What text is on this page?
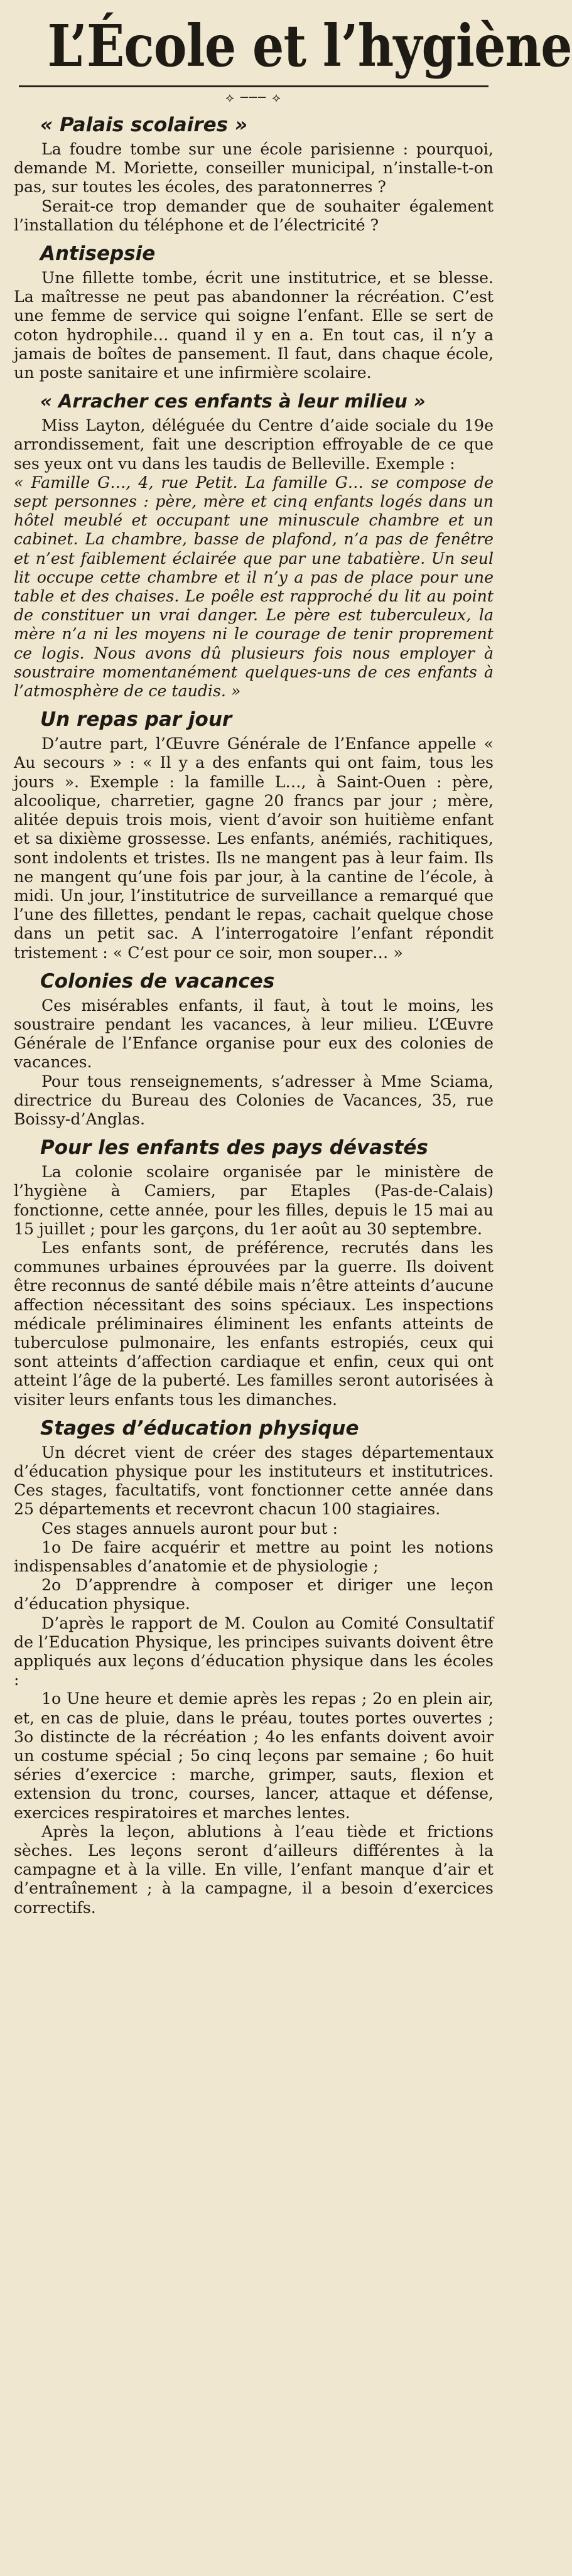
L’École et l’hygiène
⟡ ─── ⟡
« Palais scolaires »

La foudre tombe sur une école parisienne : pourquoi, demande M. Moriette, conseiller municipal, n’installe-t-on pas, sur toutes les écoles, des paratonnerres ?

Serait-ce trop demander que de souhaiter également l’installation du téléphone et de l’électricité ?

Antisepsie

Une fillette tombe, écrit une institutrice, et se blesse. La maîtresse ne peut pas abandonner la récréation. C’est une femme de service qui soigne l’enfant. Elle se sert de coton hydrophile… quand il y en a. En tout cas, il n’y a jamais de boîtes de pansement. Il faut, dans chaque école, un poste sanitaire et une infirmière scolaire.

« Arracher ces enfants à leur milieu »

Miss Layton, déléguée du Centre d’aide sociale du 19e arrondissement, fait une description effroyable de ce que ses yeux ont vu dans les taudis de Belleville. Exemple :

« Famille G…, 4, rue Petit. La famille G… se compose de sept personnes : père, mère et cinq enfants logés dans un hôtel meublé et occupant une minuscule chambre et un cabinet. La chambre, basse de plafond, n’a pas de fenêtre et n’est faiblement éclairée que par une tabatière. Un seul lit occupe cette chambre et il n’y a pas de place pour une table et des chaises. Le poêle est rapproché du lit au point de constituer un vrai danger. Le père est tuberculeux, la mère n’a ni les moyens ni le courage de tenir proprement ce logis. Nous avons dû plusieurs fois nous employer à soustraire momentanément quelques-uns de ces enfants à l’atmosphère de ce taudis. »

Un repas par jour

D’autre part, l’Œuvre Générale de l’Enfance appelle « Au secours » : « Il y a des enfants qui ont faim, tous les jours ». Exemple : la famille L…, à Saint-Ouen : père, alcoolique, charretier, gagne 20 francs par jour ; mère, alitée depuis trois mois, vient d’avoir son huitième enfant et sa dixième grossesse. Les enfants, anémiés, rachitiques, sont indolents et tristes. Ils ne mangent pas à leur faim. Ils ne mangent qu’une fois par jour, à la cantine de l’école, à midi. Un jour, l’institutrice de surveillance a remarqué que l’une des fillettes, pendant le repas, cachait quelque chose dans un petit sac. A l’interrogatoire l’enfant répondit tristement : « C’est pour ce soir, mon souper… »

Colonies de vacances

Ces misérables enfants, il faut, à tout le moins, les soustraire pendant les vacances, à leur milieu. L’Œuvre Générale de l’Enfance organise pour eux des colonies de vacances.

Pour tous renseignements, s’adresser à Mme Sciama, directrice du Bureau des Colonies de Vacances, 35, rue Boissy-d’Anglas.

Pour les enfants des pays dévastés

La colonie scolaire organisée par le ministère de l’hygiène à Camiers, par Etaples (Pas-de-Calais) fonctionne, cette année, pour les filles, depuis le 15 mai au 15 juillet ; pour les garçons, du 1er août au 30 septembre.

Les enfants sont, de préférence, recrutés dans les communes urbaines éprouvées par la guerre. Ils doivent être reconnus de santé débile mais n’être atteints d’aucune affection nécessitant des soins spéciaux. Les inspections médicale préliminaires éliminent les enfants atteints de tuberculose pulmonaire, les enfants estropiés, ceux qui sont atteints d’affection cardiaque et enfin, ceux qui ont atteint l’âge de la puberté. Les familles seront autorisées à visiter leurs enfants tous les dimanches.

Stages d’éducation physique

Un décret vient de créer des stages départementaux d’éducation physique pour les instituteurs et institutrices. Ces stages, facultatifs, vont fonctionner cette année dans 25 départements et recevront chacun 100 stagiaires.

Ces stages annuels auront pour but :

1o De faire acquérir et mettre au point les notions indispensables d’anatomie et de physiologie ;

2o D’apprendre à composer et diriger une leçon d’éducation physique.

D’après le rapport de M. Coulon au Comité Consultatif de l’Education Physique, les principes suivants doivent être appliqués aux leçons d’éducation physique dans les écoles :

1o Une heure et demie après les repas ; 2o en plein air, et, en cas de pluie, dans le préau, toutes portes ouvertes ; 3o distincte de la récréation ; 4o les enfants doivent avoir un costume spécial ; 5o cinq leçons par semaine ; 6o huit séries d’exercice : marche, grimper, sauts, flexion et extension du tronc, courses, lancer, attaque et défense, exercices respiratoires et marches lentes.

Après la leçon, ablutions à l’eau tiède et frictions sèches. Les leçons seront d’ailleurs différentes à la campagne et à la ville. En ville, l’enfant manque d’air et d’entraînement ; à la campagne, il a besoin d’exercices correctifs.
